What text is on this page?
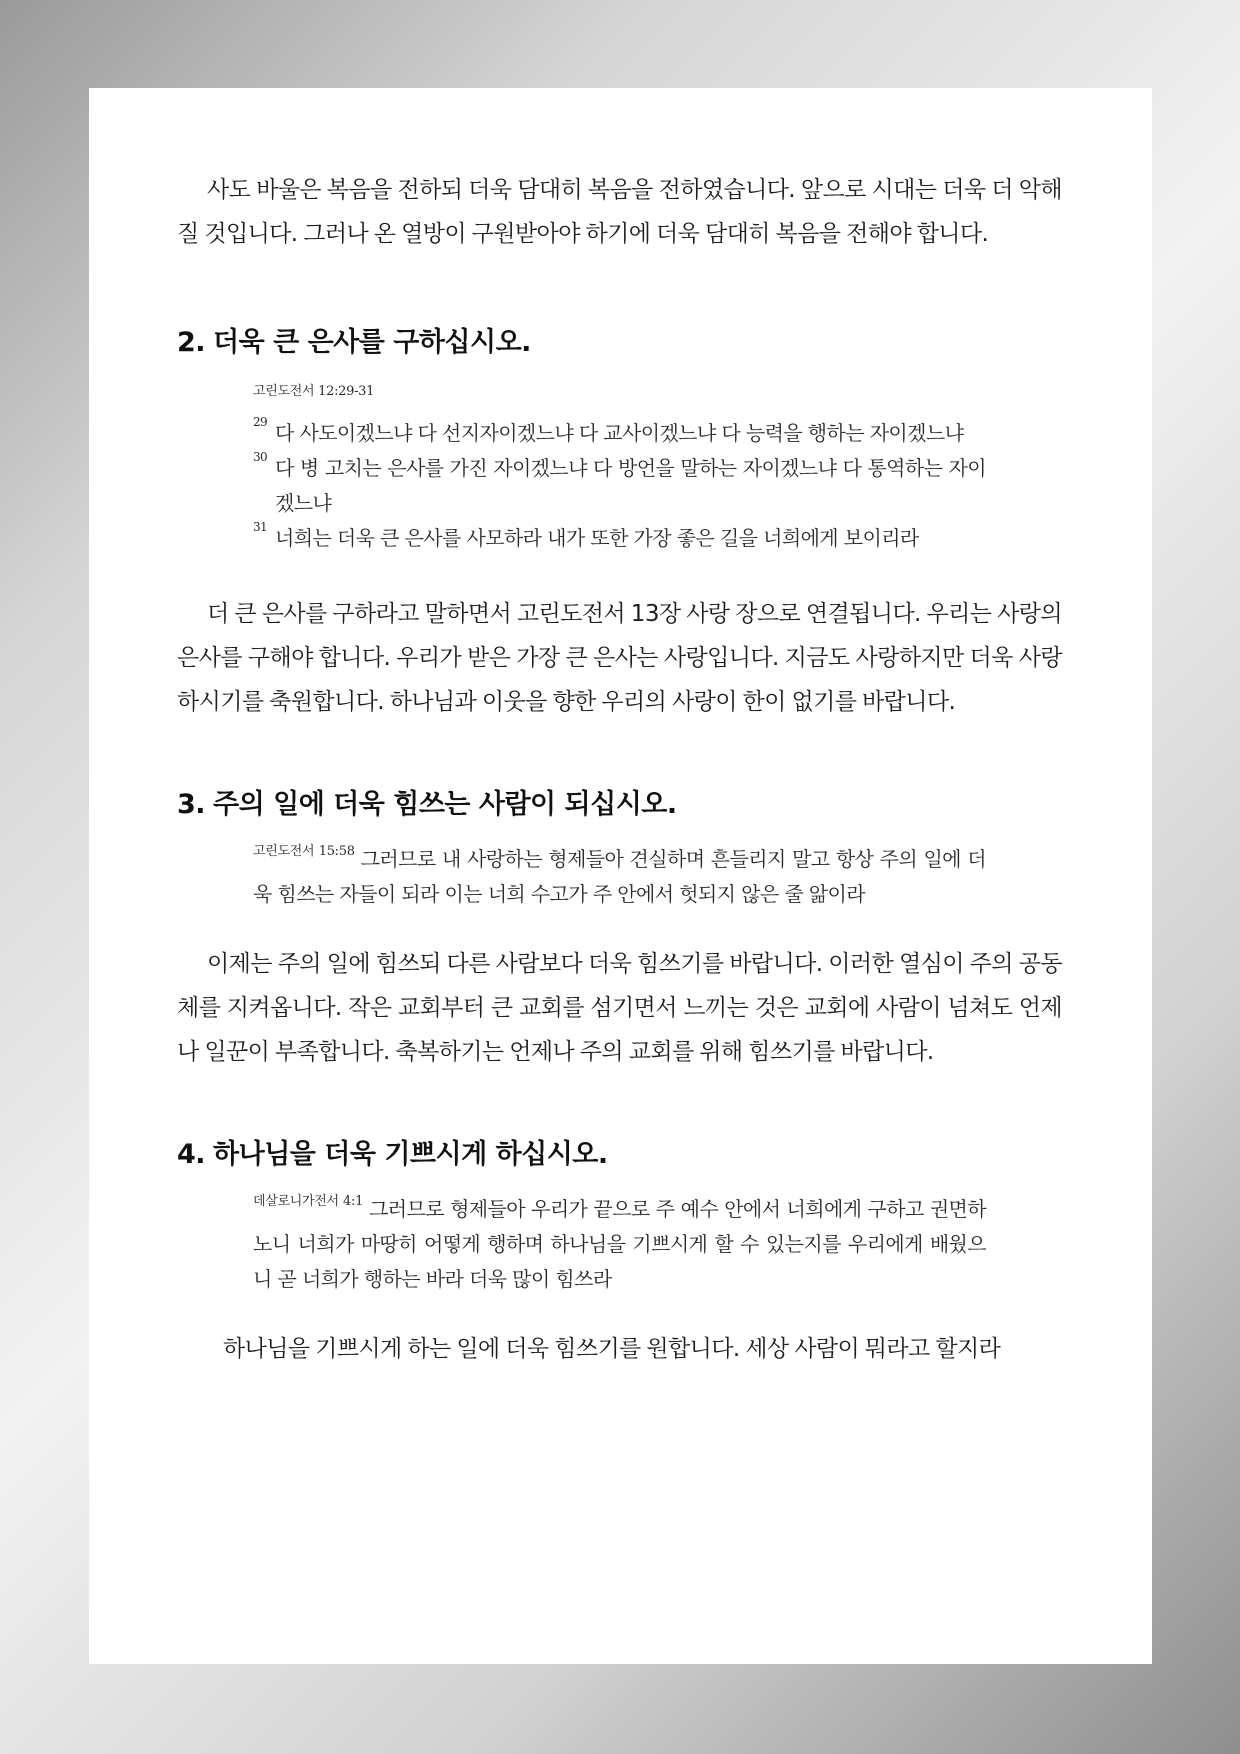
사도 바울은 복음을 전하되 더욱 담대히 복음을 전하였습니다. 앞으로 시대는 더욱 더 악해질 것입니다. 그러나 온 열방이 구원받아야 하기에 더욱 담대히 복음을 전해야 합니다.

2. 더욱 큰 은사를 구하십시오.
고린도전서 12:29-31

29 다 사도이겠느냐 다 선지자이겠느냐 다 교사이겠느냐 다 능력을 행하는 자이겠느냐

30 다 병 고치는 은사를 가진 자이겠느냐 다 방언을 말하는 자이겠느냐 다 통역하는 자이겠느냐

31 너희는 더욱 큰 은사를 사모하라 내가 또한 가장 좋은 길을 너희에게 보이리라

더 큰 은사를 구하라고 말하면서 고린도전서 13장 사랑 장으로 연결됩니다. 우리는 사랑의 은사를 구해야 합니다. 우리가 받은 가장 큰 은사는 사랑입니다. 지금도 사랑하지만 더욱 사랑하시기를 축원합니다. 하나님과 이웃을 향한 우리의 사랑이 한이 없기를 바랍니다.

3. 주의 일에 더욱 힘쓰는 사람이 되십시오.
$^{고린도전서 15:58}$ 그러므로 내 사랑하는 형제들아 견실하며 흔들리지 말고 항상 주의 일에 더욱 힘쓰는 자들이 되라 이는 너희 수고가 주 안에서 헛되지 않은 줄 앎이라

이제는 주의 일에 힘쓰되 다른 사람보다 더욱 힘쓰기를 바랍니다. 이러한 열심이 주의 공동체를 지켜옵니다. 작은 교회부터 큰 교회를 섬기면서 느끼는 것은 교회에 사람이 넘쳐도 언제나 일꾼이 부족합니다. 축복하기는 언제나 주의 교회를 위해 힘쓰기를 바랍니다.

4. 하나님을 더욱 기쁘시게 하십시오.
$^{데살로니가전서 4:1}$ 그러므로 형제들아 우리가 끝으로 주 예수 안에서 너희에게 구하고 권면하노니 너희가 마땅히 어떻게 행하며 하나님을 기쁘시게 할 수 있는지를 우리에게 배웠으니 곧 너희가 행하는 바라 더욱 많이 힘쓰라

하나님을 기쁘시게 하는 일에 더욱 힘쓰기를 원합니다. 세상 사람이 뭐라고 할지라
